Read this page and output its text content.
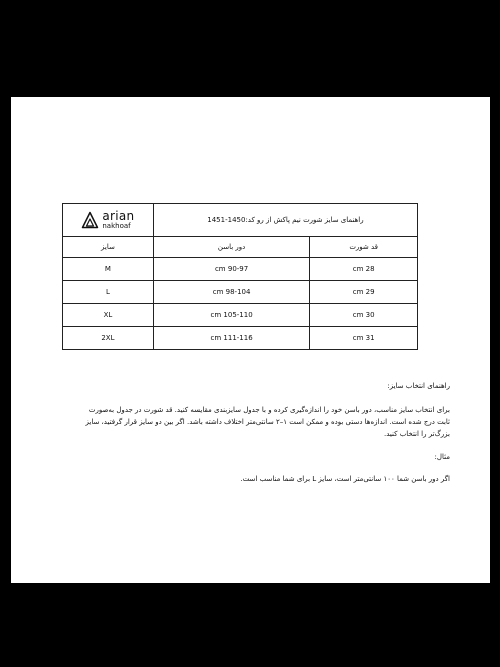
راهنمای سایز شورت نیم پاکش از رو کد:1450-1451		arian
nakhoaf

قد شورت	دور باسن	سایز
28 cm	90-97 cm	M
29 cm	98-104 cm	L
30 cm	105-110 cm	XL
31 cm	111-116 cm	2XL

راهنمای انتخاب سایز:

برای انتخاب سایز مناسب، دور باسن خود را اندازه‌گیری کرده و با جدول سایزبندی مقایسه کنید. قد شورت در جدول به‌صورت

ثابت درج شده است. اندازه‌ها دستی بوده و ممکن است ۱–۲ سانتی‌متر اختلاف داشته باشد. اگر بین دو سایز قرار گرفتید، سایز

بزرگ‌تر را انتخاب کنید.

مثال:

اگر دور باسن شما ۱۰۰ سانتی‌متر است، سایز L برای شما مناسب است.
